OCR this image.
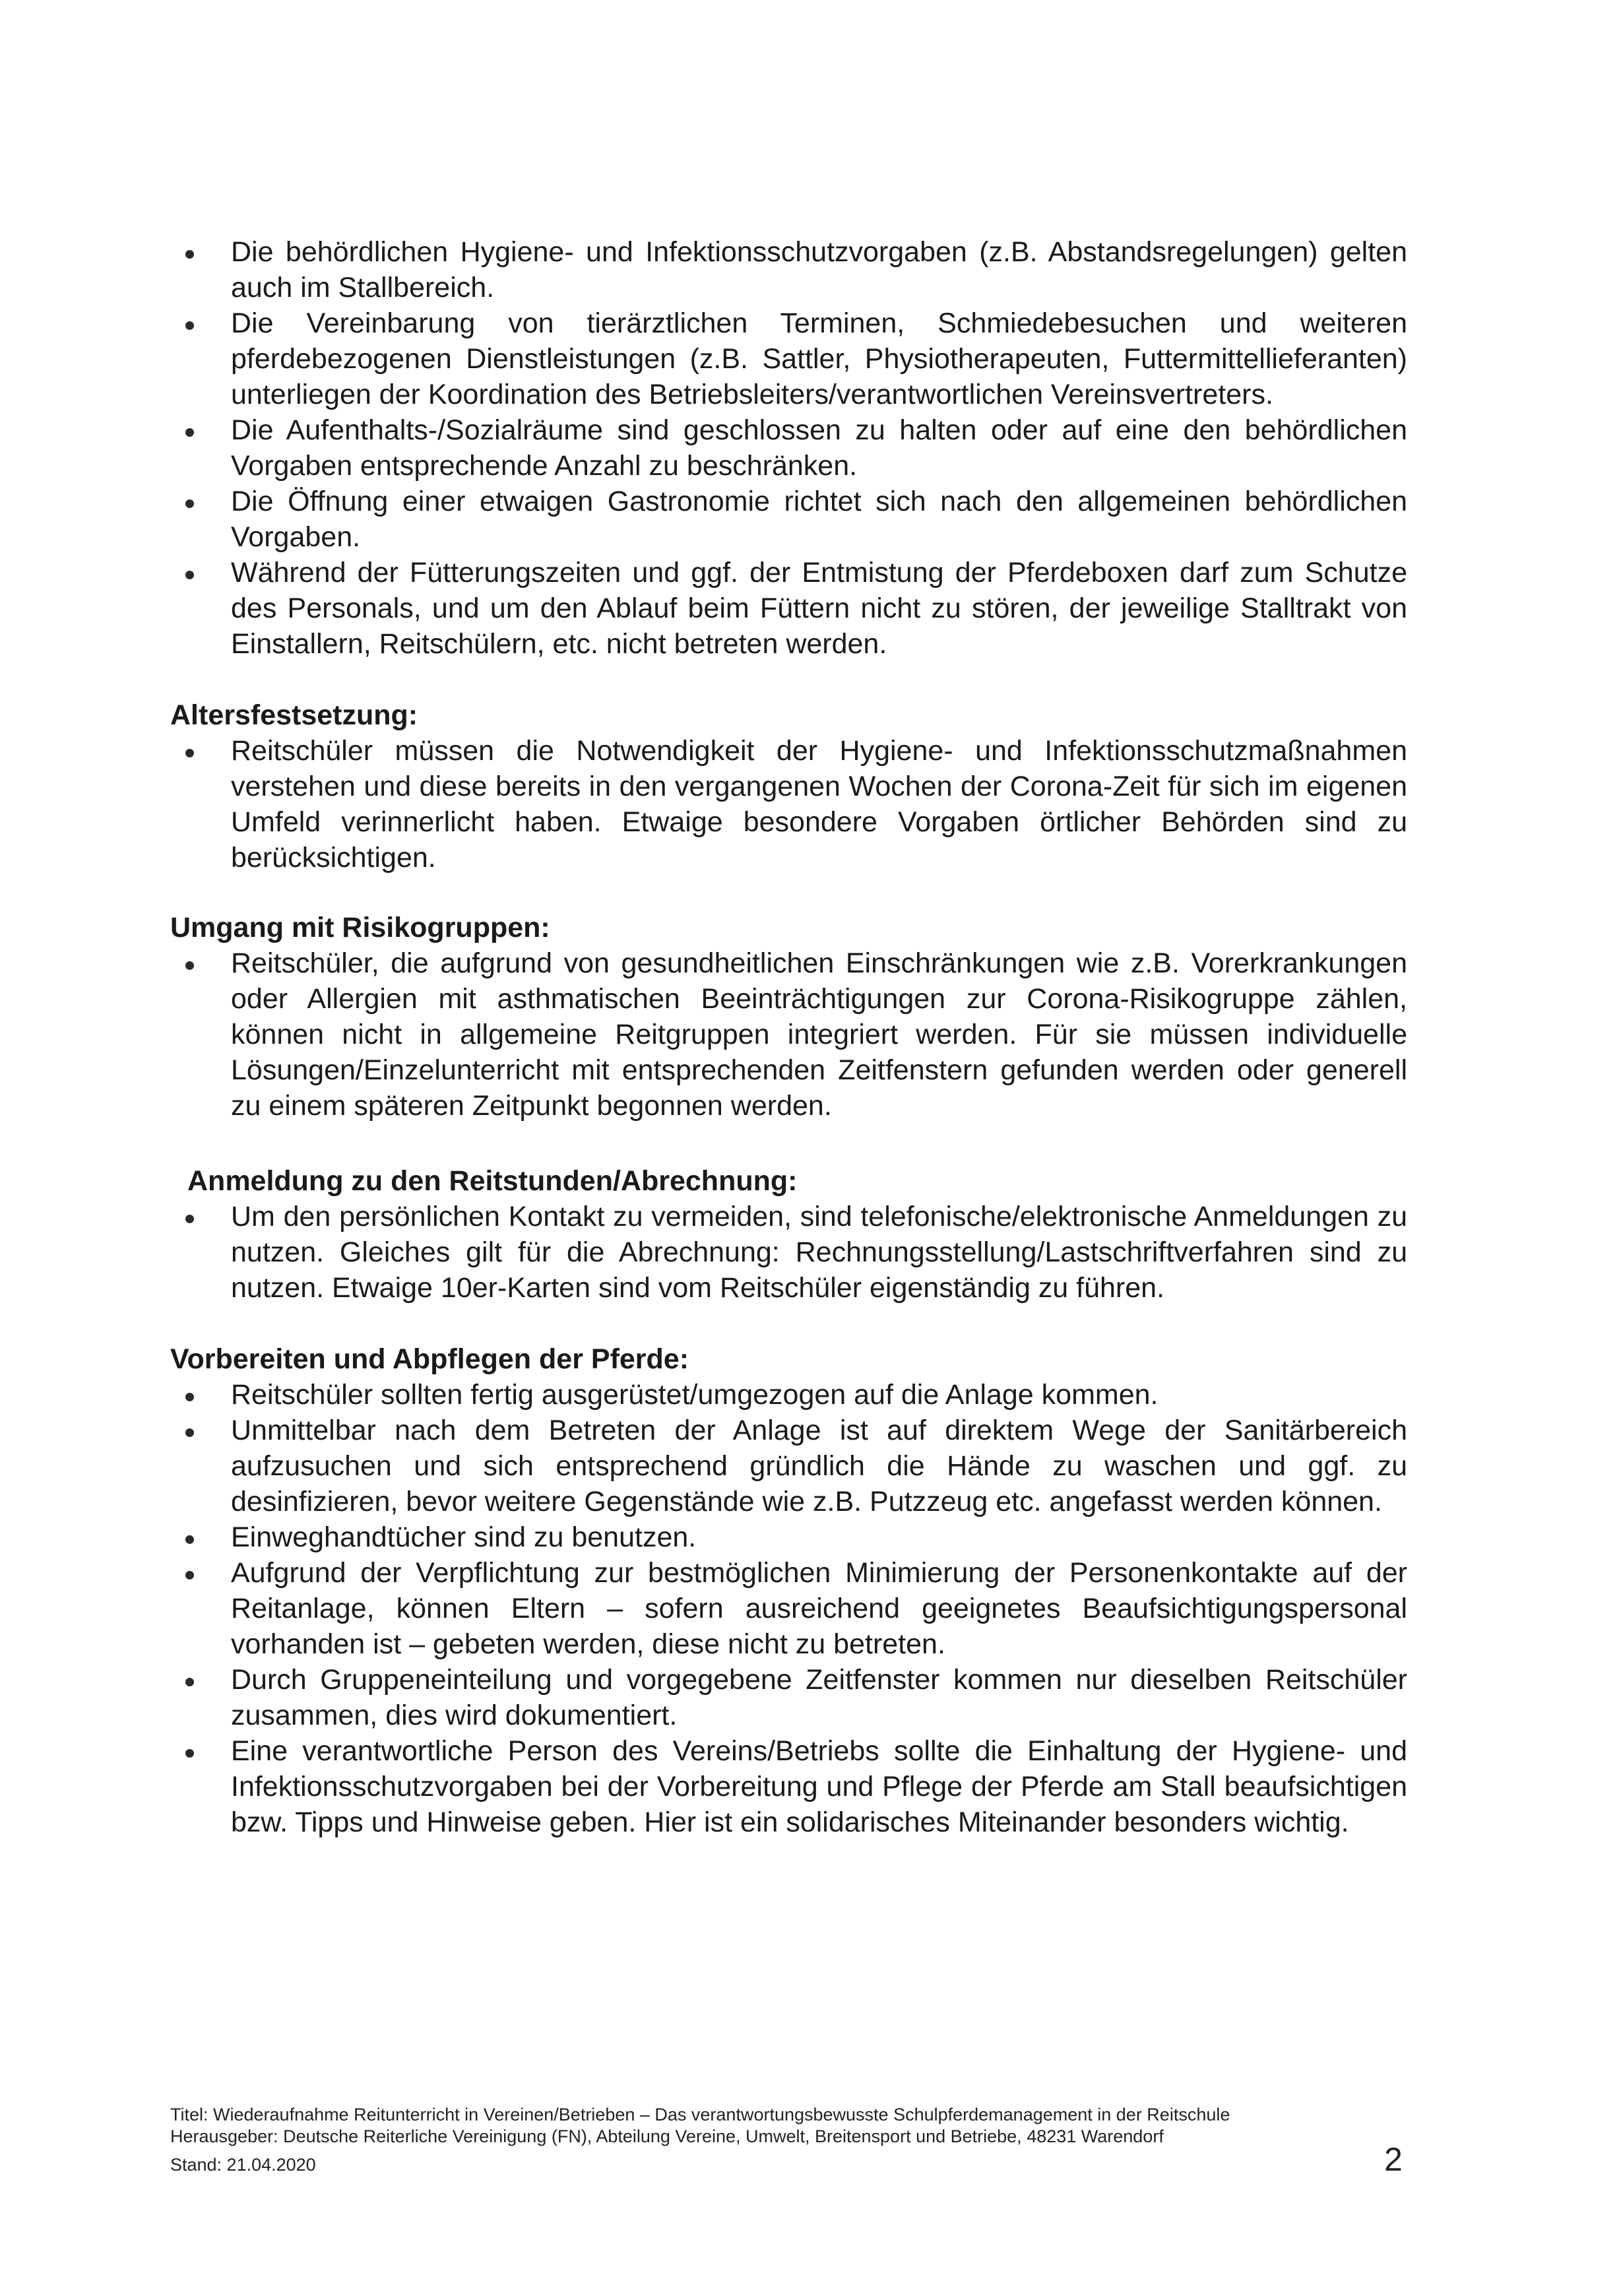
Die behördlichen Hygiene- und Infektionsschutzvorgaben (z.B. Abstandsregelungen) gelten auch im Stallbereich.
Die Vereinbarung von tierärztlichen Terminen, Schmiedebesuchen und weiteren pferdebezogenen Dienstleistungen (z.B. Sattler, Physiotherapeuten, Futtermittellieferanten) unterliegen der Koordination des Betriebsleiters/verantwortlichen Vereinsvertreters.
Die Aufenthalts-/Sozialräume sind geschlossen zu halten oder auf eine den behördlichen Vorgaben entsprechende Anzahl zu beschränken.
Die Öffnung einer etwaigen Gastronomie richtet sich nach den allgemeinen behördlichen Vorgaben.
Während der Fütterungszeiten und ggf. der Entmistung der Pferdeboxen darf zum Schutze des Personals, und um den Ablauf beim Füttern nicht zu stören, der jeweilige Stalltrakt von Einstallern, Reitschülern, etc. nicht betreten werden.
Altersfestsetzung:
Reitschüler müssen die Notwendigkeit der Hygiene- und Infektionsschutzmaßnahmen verstehen und diese bereits in den vergangenen Wochen der Corona-Zeit für sich im eigenen Umfeld verinnerlicht haben. Etwaige besondere Vorgaben örtlicher Behörden sind zu berücksichtigen.
Umgang mit Risikogruppen:
Reitschüler, die aufgrund von gesundheitlichen Einschränkungen wie z.B. Vorerkrankungen oder Allergien mit asthmatischen Beeinträchtigungen zur Corona-Risikogruppe zählen, können nicht in allgemeine Reitgruppen integriert werden. Für sie müssen individuelle Lösungen/Einzelunterricht mit entsprechenden Zeitfenstern gefunden werden oder generell zu einem späteren Zeitpunkt begonnen werden.
Anmeldung zu den Reitstunden/Abrechnung:
Um den persönlichen Kontakt zu vermeiden, sind telefonische/elektronische Anmeldungen zu nutzen. Gleiches gilt für die Abrechnung: Rechnungsstellung/Lastschriftverfahren sind zu nutzen. Etwaige 10er-Karten sind vom Reitschüler eigenständig zu führen.
Vorbereiten und Abpflegen der Pferde:
Reitschüler sollten fertig ausgerüstet/umgezogen auf die Anlage kommen.
Unmittelbar nach dem Betreten der Anlage ist auf direktem Wege der Sanitärbereich aufzusuchen und sich entsprechend gründlich die Hände zu waschen und ggf. zu desinfizieren, bevor weitere Gegenstände wie z.B. Putzzeug etc. angefasst werden können.
Einweghandtücher sind zu benutzen.
Aufgrund der Verpflichtung zur bestmöglichen Minimierung der Personenkontakte auf der Reitanlage, können Eltern – sofern ausreichend geeignetes Beaufsichtigungspersonal vorhanden ist – gebeten werden, diese nicht zu betreten.
Durch Gruppeneinteilung und vorgegebene Zeitfenster kommen nur dieselben Reitschüler zusammen, dies wird dokumentiert.
Eine verantwortliche Person des Vereins/Betriebs sollte die Einhaltung der Hygiene- und Infektionsschutzvorgaben bei der Vorbereitung und Pflege der Pferde am Stall beaufsichtigen bzw. Tipps und Hinweise geben. Hier ist ein solidarisches Miteinander besonders wichtig.
Titel: Wiederaufnahme Reitunterricht in Vereinen/Betrieben – Das verantwortungsbewusste Schulpferdemanagement in der Reitschule
Herausgeber: Deutsche Reiterliche Vereinigung (FN), Abteilung Vereine, Umwelt, Breitensport und Betriebe, 48231 Warendorf
Stand: 21.04.2020	2
